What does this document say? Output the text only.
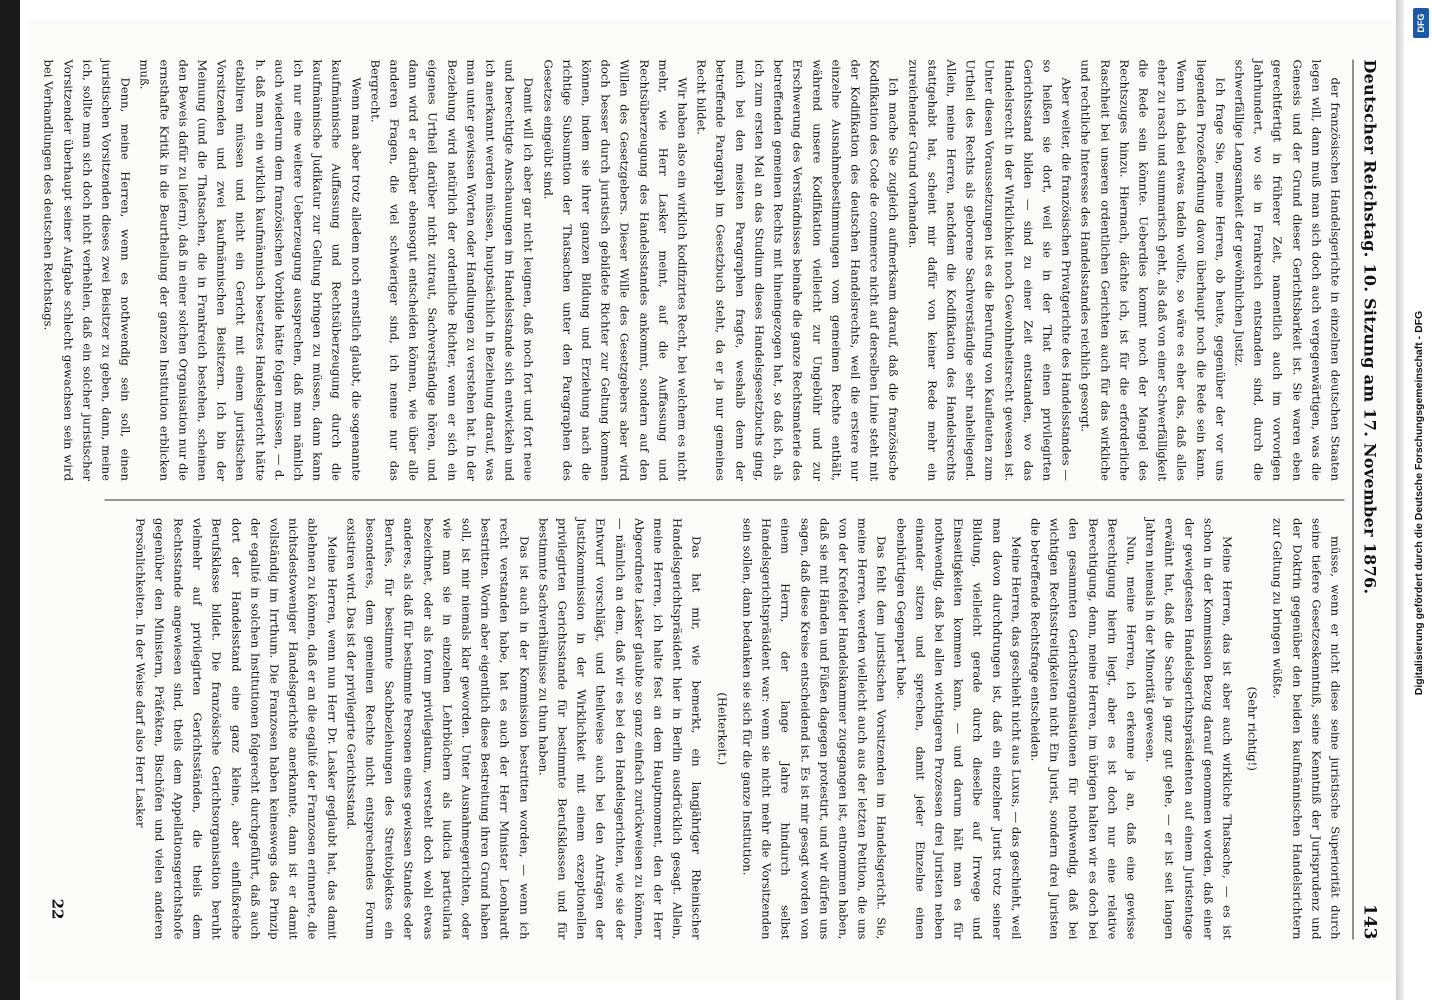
Deutscher Reichstag. 10. Sitzung am 17. November 1876.
143

der französischen Handelsgerichte in einzelnen deutschen Staaten legen will, dann muß man sich doch auch vergegenwärtigen, was die Genesis und der Grund dieser Gerichtsbarkeit ist. Sie waren eben gerechtfertigt in früherer Zeit, namentlich auch im vorvorigen Jahrhundert, wo sie in Frankreich entstanden sind, durch die schwerfällige Langsamkeit der gewöhnlichen Justiz.

Ich frage Sie, meine Herren, ob heute, gegenüber der vor uns liegenden Prozeßordnung davon überhaupt noch die Rede sein kann. Wenn ich dabei etwas tadeln wollte, so wäre es eher das, daß alles eher zu rasch und summarisch geht, als daß von einer Schwerfälligkeit die Rede sein könnte. Ueberdies kommt noch der Mangel des Rechtszuges hinzu. Hiernach, dächte ich, ist für die erforderliche Raschheit bei unseren ordentlichen Gerichten auch für das wirkliche und rechtliche Interesse des Handelsstandes reichlich gesorgt.

Aber weiter, die französischen Privatgerichte des Handelsstandes — so heißen sie dort, weil sie in der That einen privilegirten Gerichtsstand bilden — sind zu einer Zeit entstanden, wo das Handelsrecht in der Wirklichkeit noch Gewohnheitsrecht gewesen ist. Unter diesen Voraussetzungen ist es die Berufung von Kaufleuten zum Urtheil des Rechts als geborene Sachverständige sehr naheliegend. Allein, meine Herren, nachdem die Kodifikation des Handelsrechts stattgehabt hat, scheint mir dafür von keiner Rede mehr ein zureichender Grund vorhanden.

Ich mache Sie zugleich aufmerksam darauf, daß die französische Kodifikation des Code de commerce nicht auf derselben Linie steht mit der Kodifikation des deutschen Handelsrechts, weil die erstere nur einzelne Ausnahmebestimmungen vom gemeinen Rechte enthält, während unsere Kodifikation vielleicht zur Ungebühr und zur Erschwerung des Verständnisses beinahe die ganze Rechtsmaterie des betreffenden gemeinen Rechts mit hineingezogen hat, so daß ich, als ich zum ersten Mal an das Studium dieses Handelsgesetzbuchs ging, mich bei den meisten Paragraphen fragte, weshalb denn der betreffende Paragraph im Gesetzbuch steht, da er ja nur gemeines Recht bildet.

Wir haben also ein wirklich kodifizirtes Recht, bei welchem es nicht mehr, wie Herr Lasker meint, auf die Auffassung und Rechtsüberzeugung des Handelsstandes ankommt, sondern auf den Willen des Gesetzgebers. Dieser Wille des Gesetzgebers aber wird doch besser durch juristisch gebildete Richter zur Geltung kommen können, indem sie ihrer ganzen Bildung und Erziehung nach die richtige Subsumtion der Thatsachen unter den Paragraphen des Gesetzes eingeübt sind.

Damit will ich aber gar nicht leugnen, daß noch fort und fort neue und berechtigte Anschauungen im Handelsstande sich entwickeln und ich anerkannt werden müssen, hauptsächlich in Beziehung darauf, was man unter gewissen Worten oder Handlungen zu verstehen hat. In der Beziehung wird natürlich der ordentliche Richter, wenn er sich ein eigenes Urtheil darüber nicht zutraut, Sachverständige hören, und dann wird er darüber ebensogut entscheiden können, wie über alle anderen Fragen, die viel schwieriger sind, ich nenne nur das Bergrecht.

Wenn man aber trotz alledem noch ernstlich glaubt, die sogenannte kaufmännische Auffassung und Rechtsüberzeugung durch die kaufmännische Judikatur zur Geltung bringen zu müssen, dann kann ich nur eine weitere Ueberzeugung aussprechen, daß man nämlich auch wiederum dem französischen Vorbilde hätte folgen müssen, — d. h. daß man ein wirklich kaufmännisch besetztes Handelsgericht hätte etabliren müssen und nicht ein Gericht mit einem juristischen Vorsitzenden und zwei kaufmännischen Beisitzern. Ich bin der Meinung (und die Thatsachen, die in Frankreich bestehen, scheinen den Beweis dafür zu liefern), daß in einer solchen Organisation nur die ernsthafte Kritik in die Beurtheilung der ganzen Institution erblicken muß.

Denn, meine Herren, wenn es nothwendig sein soll, einen juristischen Vorsitzenden dieses zwei Beisitzer zu geben, dann, meine ich, sollte man sich doch nicht verhehlen, daß ein solcher juristischer Vorsitzender überhaupt seiner Aufgabe schlecht gewachsen sein wird bei Verhandlungen des deutschen Reichstags.

müsse, wenn er nicht diese seine juristische Superiorität durch seine tiefere Gesetzeskenntniß, seine Kenntniß der Jurisprudenz und der Doktrin gegenüber den beiden kaufmännischen Handelsrichtern zur Geltung zu bringen wüßte.

(Sehr richtig!)

Meine Herren, das ist aber auch wirkliche Thatsache, — es ist schon in der Kommission Bezug darauf genommen worden, daß einer der gewiegtesten Handelsgerichtspräsidenten auf einem Juristentage erwähnt hat, daß die Sache ja ganz gut gehe, — er ist seit langen Jahren niemals in der Minorität gewesen.

Nun, meine Herren, ich erkenne ja an, daß eine gewisse Berechtigung hierin liegt, aber es ist doch nur eine relative Berechtigung, denn, meine Herren, im übrigen halten wir es doch bei den gesammten Gerichtsorganisationen für nothwendig, daß bei wichtigen Rechtsstreitigkeiten nicht Ein Jurist, sondern drei Juristen die betreffende Rechtsfrage entscheiden.

Meine Herren, das geschieht nicht aus Luxus, — das geschieht, weil man davon durchdrungen ist, daß ein einzelner Jurist trotz seiner Bildung, vielleicht gerade durch dieselbe auf Irrwege und Einseitigkeiten kommen kann, — und darum hält man es für nothwendig, daß bei allen wichtigeren Prozessen drei Juristen neben einander sitzen und sprechen, damit jeder Einzelne einen ebenbürtigen Gegenpart habe.

Das fehlt dem juristischen Vorsitzenden im Handelsgericht. Sie, meine Herren, werden vielleicht auch aus der letzten Petition, die uns von der Krefelder Handelskammer zugegangen ist, entnommen haben, daß sie mit Händen und Füßen dagegen protestirt, und wir dürfen uns sagen, daß diese Kreise entscheidend ist. Es ist mir gesagt worden von einem Herrn, der lange Jahre hindurch selbst Handelsgerichtspräsident war: wenn sie nicht mehr die Vorsitzenden sein sollen, dann bedanken sie sich für die ganze Institution.

(Heiterkeit.)

Das hat mir, wie bemerkt, ein langjähriger Rheinischer Handelsgerichtspräsident hier in Berlin ausdrücklich gesagt. Allein, meine Herren, ich halte fest an dem Hauptmoment, den der Herr Abgeordnete Lasker glaubte so ganz einfach zurückweisen zu können, — nämlich an dem, daß wir es bei den Handelsgerichten, wie sie der Entwurf vorschlägt, und theilweise auch bei den Anträgen der Justizkommission in der Wirklichkeit mit einem exzeptionellen privilegirten Gerichtsstande für bestimmte Berufsklassen und für bestimmte Sachverhältnisse zu thun haben.

Das ist auch in der Kommission bestritten worden, — wenn ich recht verstanden habe, hat es auch der Herr Minister Leonhardt bestritten. Worin aber eigentlich diese Bestreitung ihren Grund haben soll, ist mir niemals klar geworden. Unter Ausnahmegerichten, oder wie man sie in einzelnen Lehrbüchern als iudicia particularia bezeichnet, oder als forum privilegiatum, versteht doch wohl etwas anderes, als daß für bestimmte Personen eines gewissen Standes oder Berufes, für bestimmte Sachbeziehungen des Streitobjektes ein besonderes, dem gemeinen Rechte nicht entsprechendes Forum existiren wird. Das ist der privilegirte Gerichtsstand.

Meine Herren, wenn nun Herr Dr. Lasker geglaubt hat, das damit ablehnen zu können, daß er an die egalité der Franzosen erinnerte, die nichtsdestoweniger Handelsgerichte anerkannte, dann ist er damit vollständig im Irrthum. Die Franzosen haben keineswegs das Prinzip der egalité in solchen Institutionen folgerecht durchgeführt, daß auch dort der Handelsstand eine ganz kleine, aber einflußreiche Berufsklasse bildet. Die französische Gerichtsorganisation beruht vielmehr auf privilegirten Gerichtsständen, die theils dem Rechtsstande angewiesen sind, theils dem Appellationsgerichtshofe gegenüber den Ministern, Präfekten, Bischöfen und vielen anderen Persönlichkeiten. In der Weise darf also Herr Lasker

22
Digitalisierung gefördert durch die Deutsche Forschungsgemeinschaft - DFG
DFG
